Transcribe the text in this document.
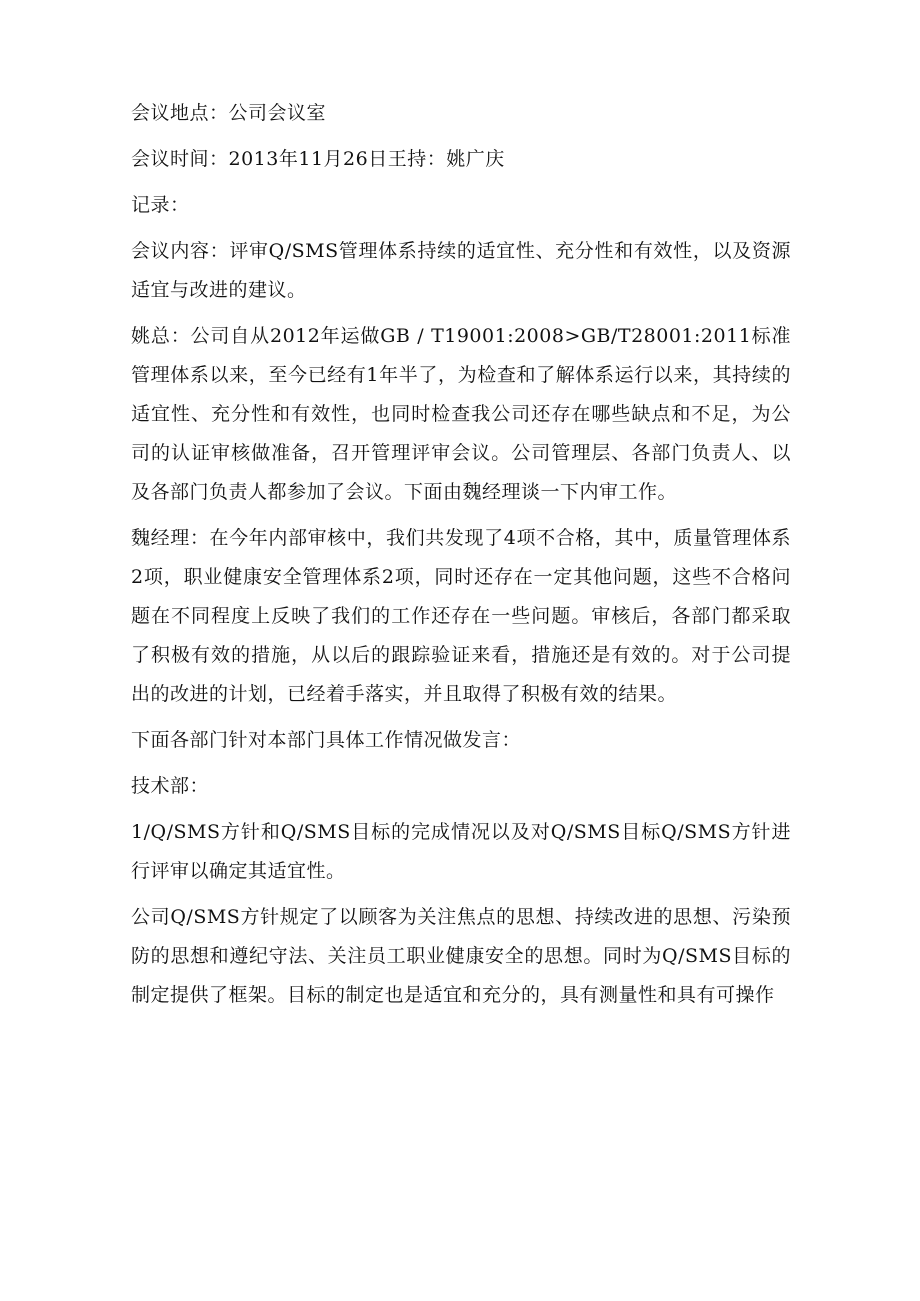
会议地点：公司会议室

会议时间：2013年11月26日王持：姚广庆

记录：

会议内容：评审Q/SMS管理体系持续的适宜性、充分性和有效性，以及资源适宜与改进的建议。

姚总：公司自从2012年运做GB / T19001:2008>GB/T28001:2011标准管理体系以来，至今已经有1年半了，为检查和了解体系运行以来，其持续的适宜性、充分性和有效性，也同时检查我公司还存在哪些缺点和不足，为公司的认证审核做准备，召开管理评审会议。公司管理层、各部门负责人、以及各部门负责人都参加了会议。下面由魏经理谈一下内审工作。

魏经理：在今年内部审核中，我们共发现了4项不合格，其中，质量管理体系2项，职业健康安全管理体系2项，同时还存在一定其他问题，这些不合格问题在不同程度上反映了我们的工作还存在一些问题。审核后，各部门都采取了积极有效的措施，从以后的跟踪验证来看，措施还是有效的。对于公司提出的改进的计划，已经着手落实，并且取得了积极有效的结果。

下面各部门针对本部门具体工作情况做发言：

技术部：

1/Q/SMS方针和Q/SMS目标的完成情况以及对Q/SMS目标Q/SMS方针进行评审以确定其适宜性。

公司Q/SMS方针规定了以顾客为关注焦点的思想、持续改进的思想、污染预防的思想和遵纪守法、关注员工职业健康安全的思想。同时为Q/SMS目标的制定提供了框架。目标的制定也是适宜和充分的，具有测量性和具有可操作
